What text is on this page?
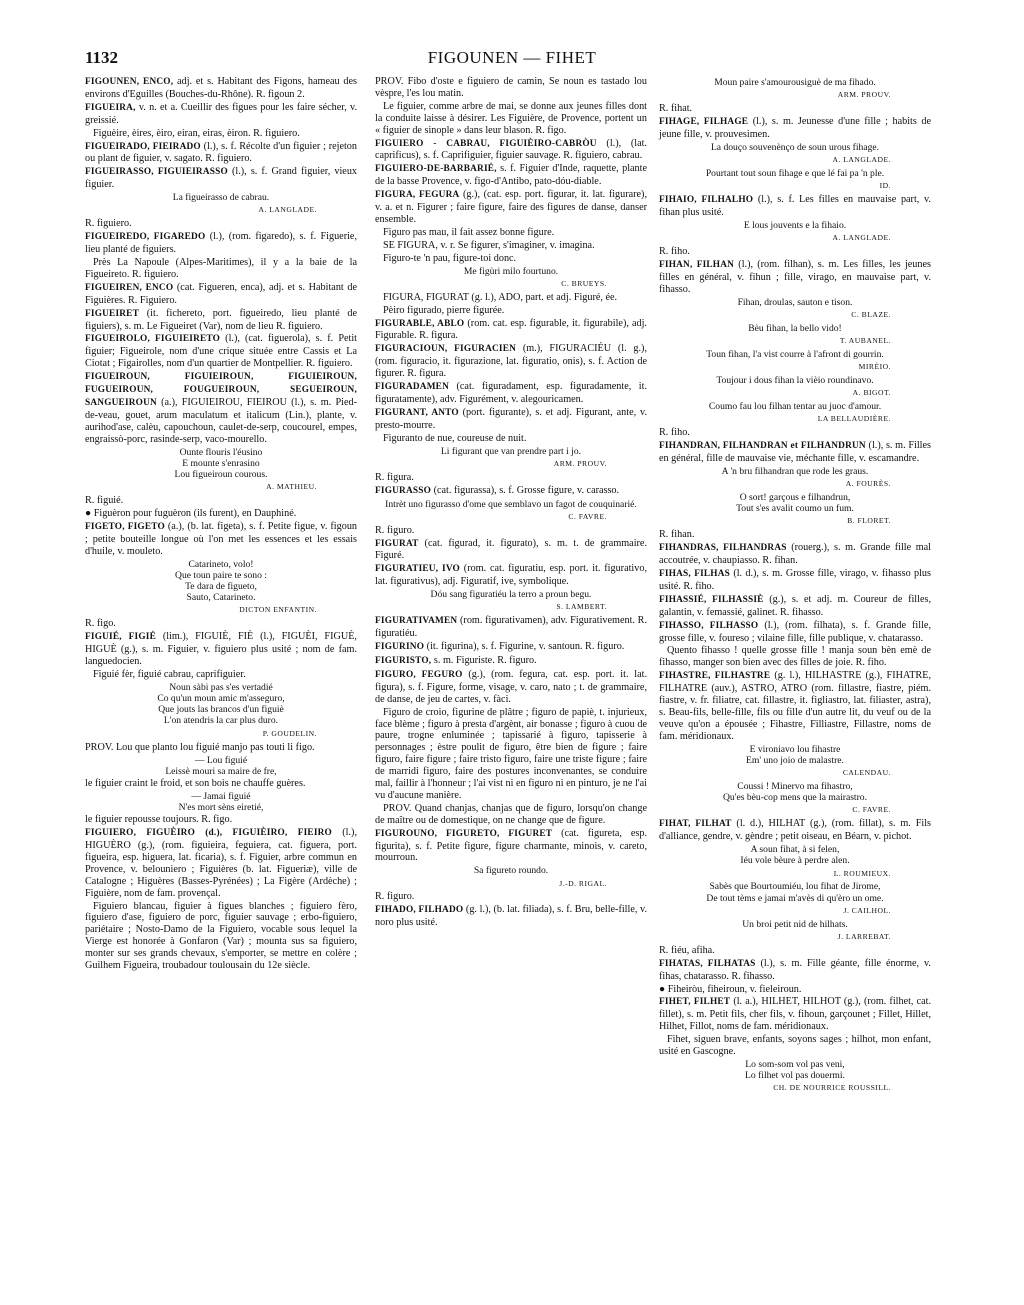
1132	FIGOUNEN — FIHET

FIGOUNEN, ENCO, adj. et s. Habitant des Figons, hameau des environs d'Eguilles (Bouches-du-Rhône). R. figoun 2.

FIGUEIRA, v. n. et a. Cueillir des figues pour les faire sécher, v. greissié.

Figuèire, èires, èiro, eiran, eiras, èiron. R. figuiero.

FIGUEIRADO, FIEIRADO (l.), s. f. Récolte d'un figuier ; rejeton ou plant de figuier, v. sagato. R. figuiero.

FIGUEIRASSO, FIGUIEIRASSO (l.), s. f. Grand figuier, vieux figuier.

La figueirasso de cabrau.
A. LANGLADE.

R. figuiero.

FIGUEIREDO, FIGAREDO (l.), (rom. figaredo), s. f. Figuerie, lieu planté de figuiers.

Près La Napoule (Alpes-Maritimes), il y a la baie de la Figueireto. R. figuiero.

FIGUEIREN, ENCO (cat. Figueren, enca), adj. et s. Habitant de Figuières. R. Figuiero.

FIGUEIRET (it. fichereto, port. figueiredo, lieu planté de figuiers), s. m. Le Figueiret (Var), nom de lieu R. figuiero.

FIGUEIROLO, FIGUIEIRETO (l.), (cat. figuerola), s. f. Petit figuier; Figueirole, nom d'une crique située entre Cassis et La Ciotat ; Figairolles, nom d'un quartier de Montpellier. R. figuiero.

FIGUEIROUN, FIGUIEIROUN, FIGUIEIROUN, FUGUEIROUN, FOUGUEIROUN, SEGUEIROUN, SANGUEIROUN (a.), FIGUIEIROU, FIEIROU (l.), s. m. Pied-de-veau, gouet, arum maculatum et italicum (Lin.), plante, v. aurihod'ase, calèu, capouchoun, caulet-de-serp, coucourel, empes, engraissò-porc, rasinde-serp, vaco-mourello.

Ounte flouris l'éusino
E mounte s'enrasino
Lou figueiroun courous.
A. MATHIEU.

R. figuié.

● Figuèron pour fuguèron (ils furent), en Dauphiné.

FIGETO, FIGETO (a.), (b. lat. figeta), s. f. Petite figue, v. figoun ; petite bouteille longue où l'on met les essences et les essais d'huile, v. mouleto.

Catarineto, volo!
Que toun paire te sono :
Te dara de figueto,
Sauto, Catarineto.
DICTON ENFANTIN.

R. figo.

FIGUIÉ, FIGIÉ (lim.), FIGUIÈ, FIÈ (l.), FIGUÈI, FIGUÈ, HIGUÈ (g.), s. m. Figuier, v. figuiero plus usité ; nom de fam. languedocien.

Figuié fèr, figuié cabrau, caprifiguier.

Noun sàbi pas s'es vertadié
Co qu'un moun amic m'asseguro,
Que jouts las brancos d'un figuiè
L'on atendris la car plus duro.
P. GOUDELIN.

PROV. Lou que planto lou figuié manjo pas touti li figo.

— Lou figuié
Leissè mouri sa maire de fre,

le figuier craint le froid, et son bois ne chauffe guères.

— Jamai figuié
N'es mort sèns eiretié,

le figuier repousse toujours. R. figo.

FIGUIERO, FIGUÈIRO (d.), FIGUIÈIRO, FIEIRO (l.), HIGUÈRO (g.), (rom. figuieira, feguiera, cat. figuera, port. figueira, esp. higuera, lat. ficaria), s. f. Figuier, arbre commun en Provence, v. belouniero ; Figuières (b. lat. Figueriæ), ville de Catalogne ; Higuères (Basses-Pyrénées) ; La Figère (Ardèche) ; Figuière, nom de fam. provençal.

Figuiero blancau, figuier à figues blanches ; figuiero fèro, figuiero d'ase, figuiero de porc, figuier sauvage ; erbo-figuiero, pariétaire ; Nosto-Damo de la Figuiero, vocable sous lequel la Vierge est honorée à Gonfaron (Var) ; mounta sus sa figuiero, monter sur ses grands chevaux, s'emporter, se mettre en colère ; Guilhem Figueira, troubadour toulousain du 12e siècle.

PROV. Fibo d'oste e figuiero de camin, Se noun es tastado lou vèspre, l'es lou matin.

Le figuier, comme arbre de mai, se donne aux jeunes filles dont la conduite laisse à désirer. Les Figuière, de Provence, portent un « figuier de sinople » dans leur blason. R. figo.

FIGUIERO - CABRAU, FIGUIÈIRO-CABRÒU (l.), (lat. caprificus), s. f. Caprifiguier, figuier sauvage. R. figuiero, cabrau.

FIGUIERO-DE-BARBARIÉ, s. f. Figuier d'Inde, raquette, plante de la basse Provence, v. figo-d'Antibo, pato-dóu-diable.

FIGURA, FEGURA (g.), (cat. esp. port. figurar, it. lat. figurare), v. a. et n. Figurer ; faire figure, faire des figures de danse, danser ensemble.

Figuro pas mau, il fait assez bonne figure.

SE FIGURA, v. r. Se figurer, s'imaginer, v. imagina.

Figuro-te 'n pau, figure-toi donc.

Me figùri milo fourtuno.
C. BRUEYS.

FIGURA, FIGURAT (g. l.), ADO, part. et adj. Figuré, ée.

Pèiro figurado, pierre figurée.

FIGURABLE, ABLO (rom. cat. esp. figurable, it. figurabile), adj. Figurable. R. figura.

FIGURACIOUN, FIGURACIEN (m.), FIGURACIÉU (l. g.), (rom. figuracio, it. figurazione, lat. figuratio, onis), s. f. Action de figurer. R. figura.

FIGURADAMEN (cat. figuradament, esp. figuradamente, it. figuratamente), adv. Figurément, v. alegouricamen.

FIGURANT, ANTO (port. figurante), s. et adj. Figurant, ante, v. presto-mourre.

Figuranto de nue, coureuse de nuit.

Li figurant que van prendre part i jo.
ARM. PROUV.

R. figura.

FIGURASSO (cat. figurassa), s. f. Grosse figure, v. carasso.

Intrèt uno figurasso d'ome que semblavo un fagot de couquinarié.
C. FAVRE.

R. figuro.

FIGURAT (cat. figurad, it. figurato), s. m. t. de grammaire. Figuré.

FIGURATIEU, IVO (rom. cat. figuratiu, esp. port. it. figurativo, lat. figurativus), adj. Figuratif, ive, symbolique.

Dóu sang figuratiéu la terro a proun begu.
S. LAMBERT.

FIGURATIVAMEN (rom. figurativamen), adv. Figurativement. R. figuratiéu.

FIGURINO (it. figurina), s. f. Figurine, v. santoun. R. figuro.

FIGURISTO, s. m. Figuriste. R. figuro.

FIGURO, FEGURO (g.), (rom. fegura, cat. esp. port. it. lat. figura), s. f. Figure, forme, visage, v. caro, nato ; t. de grammaire, de danse, de jeu de cartes, v. fàci.

Figuro de croio, figurine de plâtre ; figuro de papiè, t. injurieux, face blème ; figuro à presta d'argènt, air bonasse ; figuro à cuou de paure, trogne enluminée ; tapissarié à figuro, tapisserie à personnages ; èstre poulit de figuro, être bien de figure ; faire figuro, faire figure ; faire tristo figuro, faire une triste figure ; faire de marridi figuro, faire des postures inconvenantes, se conduire mal, faillir à l'honneur ; l'ai vist ni en figuro ni en pinturo, je ne l'ai vu d'aucune manière.

PROV. Quand chanjas, chanjas que de figuro, lorsqu'on change de maître ou de domestique, on ne change que de figure.

FIGUROUNO, FIGURETO, FIGURET (cat. figureta, esp. figurita), s. f. Petite figure, figure charmante, minois, v. careto, mourroun.

Sa figureto roundo.
J.-D. RIGAL.

R. figuro.

FIHADO, FILHADO (g. l.), (b. lat. filiada), s. f. Bru, belle-fille, v. noro plus usité.

Moun paire s'amourousiguè de ma fihado.
ARM. PROUV.

R. fihat.

FIHAGE, FILHAGE (l.), s. m. Jeunesse d'une fille ; habits de jeune fille, v. prouvesimen.

La douço souvenènço de soun urous fihage.
A. LANGLADE.
Pourtant tout soun fihage e que lé fai pa 'n ple.
ID.

FIHAIO, FILHALHO (l.), s. f. Les filles en mauvaise part, v. fihan plus usité.

E lous jouvents e la fihaio.
A. LANGLADE.

R. fiho.

FIHAN, FILHAN (l.), (rom. filhan), s. m. Les filles, les jeunes filles en général, v. fihun ; fille, virago, en mauvaise part, v. fihasso.

Fihan, droulas, sauton e tison.
C. BLAZE.
Bèu fihan, la bello vido!
T. AUBANEL.
Toun fihan, l'a vist courre à l'afront di gourrin.
MIRÈIO.
Toujour i dous fihan la vièio roundinavo.
A. BIGOT.
Coumo fau lou filhan tentar au juoc d'amour.
LA BELLAUDIÈRE.

R. fiho.

FIHANDRAN, FILHANDRAN et FILHANDRUN (l.), s. m. Filles en général, fille de mauvaise vie, méchante fille, v. escamandre.

A 'n bru filhandran que rode les graus.
A. FOURÈS.
O sort! garçous e filhandrun,
Tout s'es avalit coumo un fum.
B. FLORET.

R. fihan.

FIHANDRAS, FILHANDRAS (rouerg.), s. m. Grande fille mal accoutrée, v. chaupiasso. R. fihan.

FIHAS, FILHAS (l. d.), s. m. Grosse fille, virago, v. fihasso plus usité. R. fiho.

FIHASSIÉ, FILHASSIÈ (g.), s. et adj. m. Coureur de filles, galantin, v. femassié, galinet. R. fihasso.

FIHASSO, FILHASSO (l.), (rom. filhata), s. f. Grande fille, grosse fille, v. foureso ; vilaine fille, fille publique, v. chatarasso.

Quento fihasso ! quelle grosse fille ! manja soun bèn emè de fihasso, manger son bien avec des filles de joie. R. fiho.

FIHASTRE, FILHASTRE (g. l.), HILHASTRE (g.), FIHATRE, FILHATRE (auv.), ASTRO, ATRO (rom. fillastre, fiastre, piém. fiastre, v. fr. filiatre, cat. fillastre, it. figliastro, lat. filiaster, astra), s. Beau-fils, belle-fille, fils ou fille d'un autre lit, du veuf ou de la veuve qu'on a épousée ; Fihastre, Filliastre, Fillastre, noms de fam. méridionaux.

E vironiavo lou fihastre
Em' uno joio de malastre.
CALENDAU.
Coussi ! Minervo ma fihastro,
Qu'es bèu-cop mens que la mairastro.
C. FAVRE.

FIHAT, FILHAT (l. d.), HILHAT (g.), (rom. fillat), s. m. Fils d'alliance, gendre, v. gèndre ; petit oiseau, en Béarn, v. pichot.

A soun fihat, à si felen,
Iéu vole bèure à perdre alen.
L. ROUMIEUX.
Sabès que Bourtoumiéu, lou fihat de Jirome,
De tout tèms e jamai m'avès di qu'èro un ome.
J. CAILHOL.
Un broi petit nid de hilhats.
J. LARREBAT.

R. fiéu, afiha.

FIHATAS, FILHATAS (l.), s. m. Fille géante, fille énorme, v. fihas, chatarasso. R. fihasso.

● Fiheiròu, fiheiroun, v. fieleiroun.

FIHET, FILHET (l. a.), HILHET, HILHOT (g.), (rom. filhet, cat. fillet), s. m. Petit fils, cher fils, v. fihoun, garçounet ; Fillet, Hillet, Hilhet, Fillot, noms de fam. méridionaux.

Fihet, siguen brave, enfants, soyons sages ; hilhot, mon enfant, usité en Gascogne.

Lo som-som vol pas veni,
Lo filhet vol pas douermi.
CH. DE NOURRICE ROUSSILL.
